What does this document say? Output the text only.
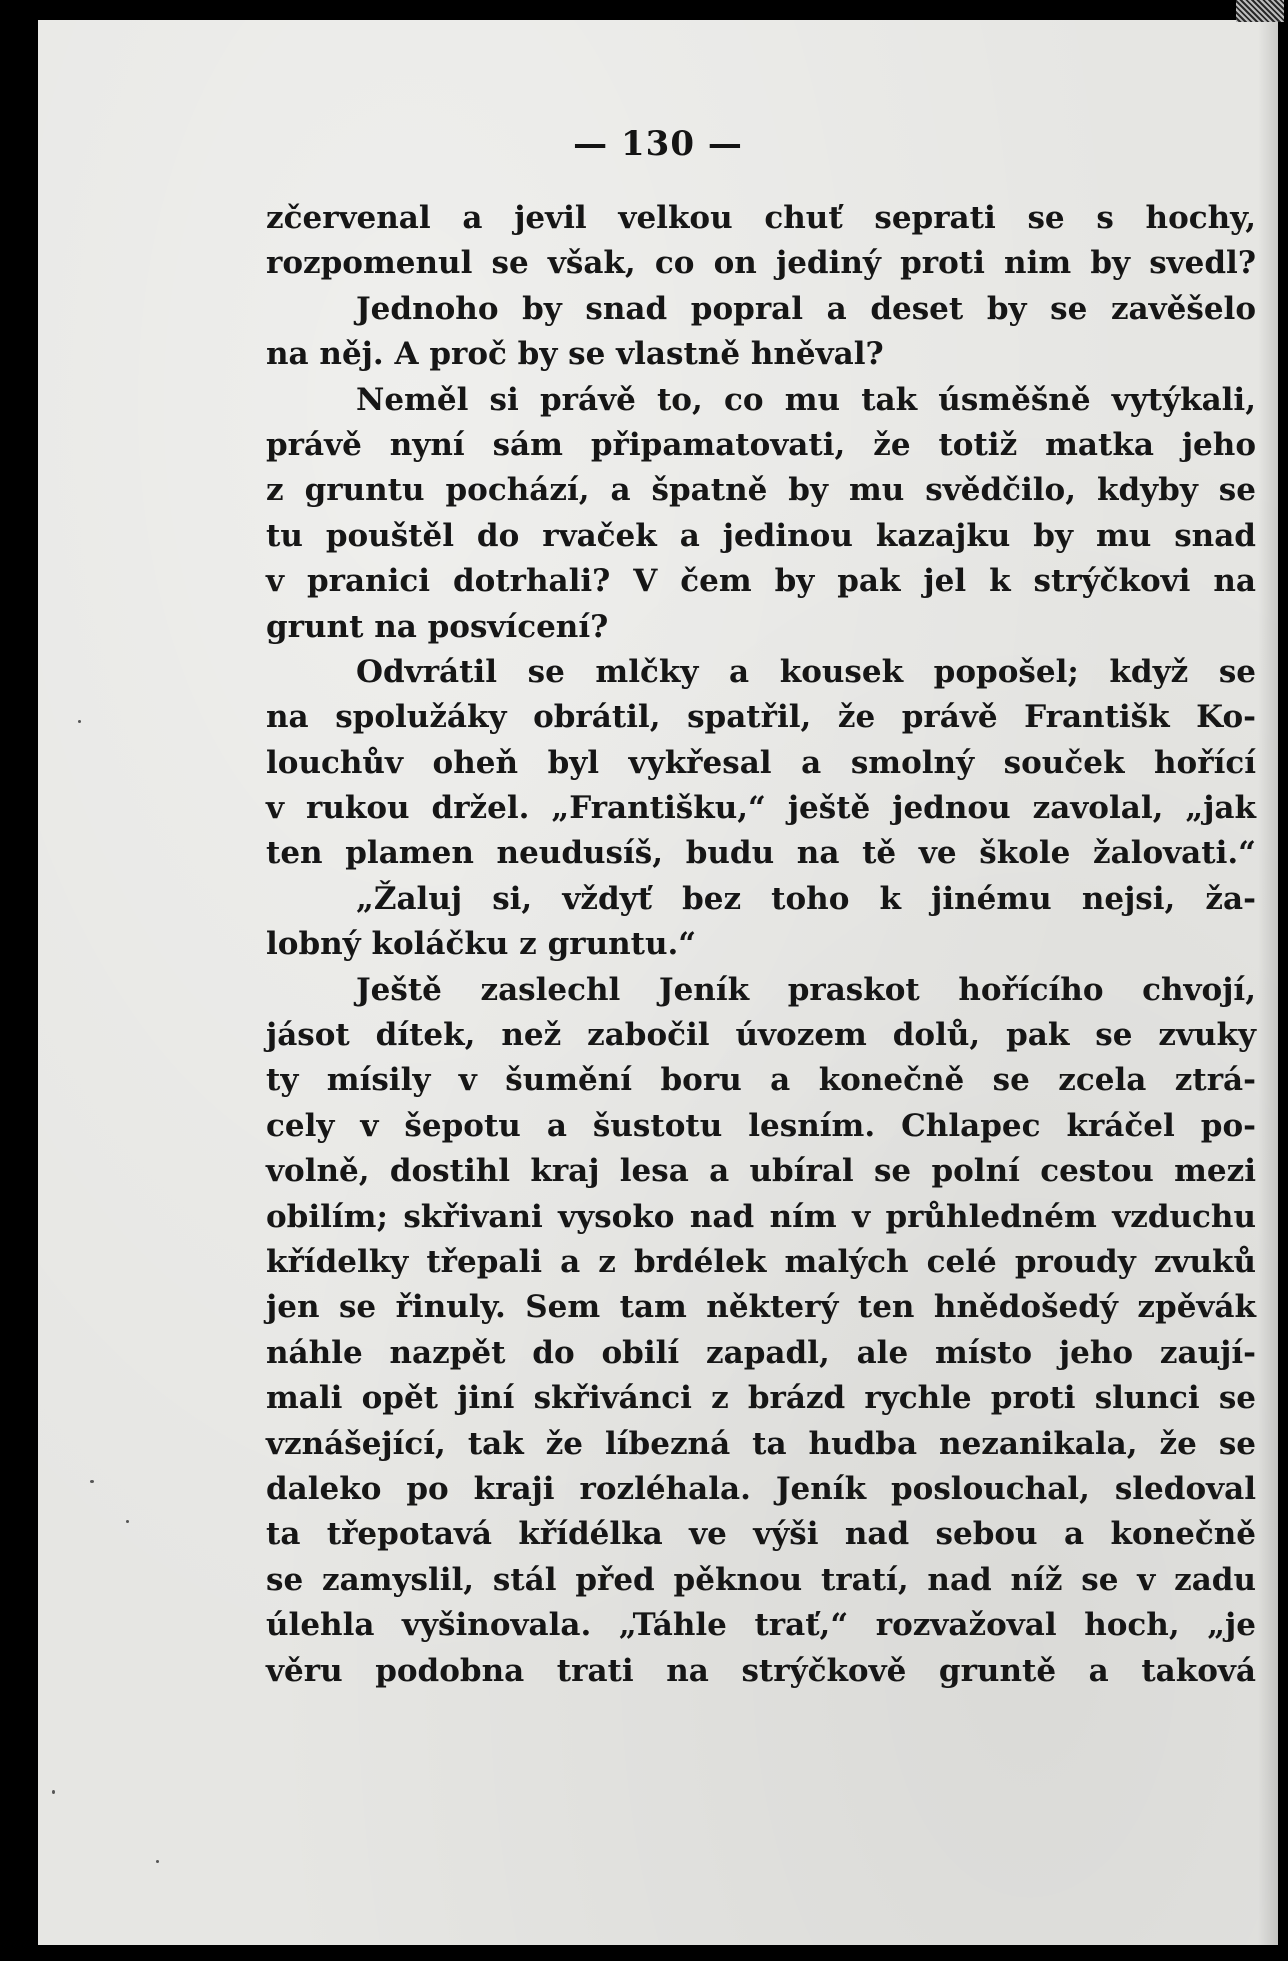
— 130 —
zčervenal a jevil velkou chuť seprati se s hochy,
rozpomenul se však, co on jediný proti nim by svedl?
Jednoho by snad popral a deset by se zavěšelo
na něj. A proč by se vlastně hněval?
Neměl si právě to, co mu tak úsměšně vytýkali,
právě nyní sám připamatovati, že totiž matka jeho
z gruntu pochází, a špatně by mu svědčilo, kdyby se
tu pouštěl do rvaček a jedinou kazajku by mu snad
v pranici dotrhali? V čem by pak jel k strýčkovi na
grunt na posvícení?
Odvrátil se mlčky a kousek popošel; když se
na spolužáky obrátil, spatřil, že právě Františk Ko-
louchův oheň byl vykřesal a smolný souček hořící
v rukou držel. „Františku,“ ještě jednou zavolal, „jak
ten plamen neudusíš, budu na tě ve škole žalovati.“
„Žaluj si, vždyť bez toho k jinému nejsi, ža-
lobný koláčku z gruntu.“
Ještě zaslechl Jeník praskot hořícího chvojí,
jásot dítek, než zabočil úvozem dolů, pak se zvuky
ty mísily v šumění boru a konečně se zcela ztrá-
cely v šepotu a šustotu lesním. Chlapec kráčel po-
volně, dostihl kraj lesa a ubíral se polní cestou mezi
obilím; skřivani vysoko nad ním v průhledném vzduchu
křídelky třepali a z brdélek malých celé proudy zvuků
jen se řinuly. Sem tam některý ten hnědošedý zpěvák
náhle nazpět do obilí zapadl, ale místo jeho zaují-
mali opět jiní skřivánci z brázd rychle proti slunci se
vznášející, tak že líbezná ta hudba nezanikala, že se
daleko po kraji rozléhala. Jeník poslouchal, sledoval
ta třepotavá křídélka ve výši nad sebou a konečně
se zamyslil, stál před pěknou tratí, nad níž se v zadu
úlehla vyšinovala. „Táhle trať,“ rozvažoval hoch, „je
věru podobna trati na strýčkově gruntě a taková
